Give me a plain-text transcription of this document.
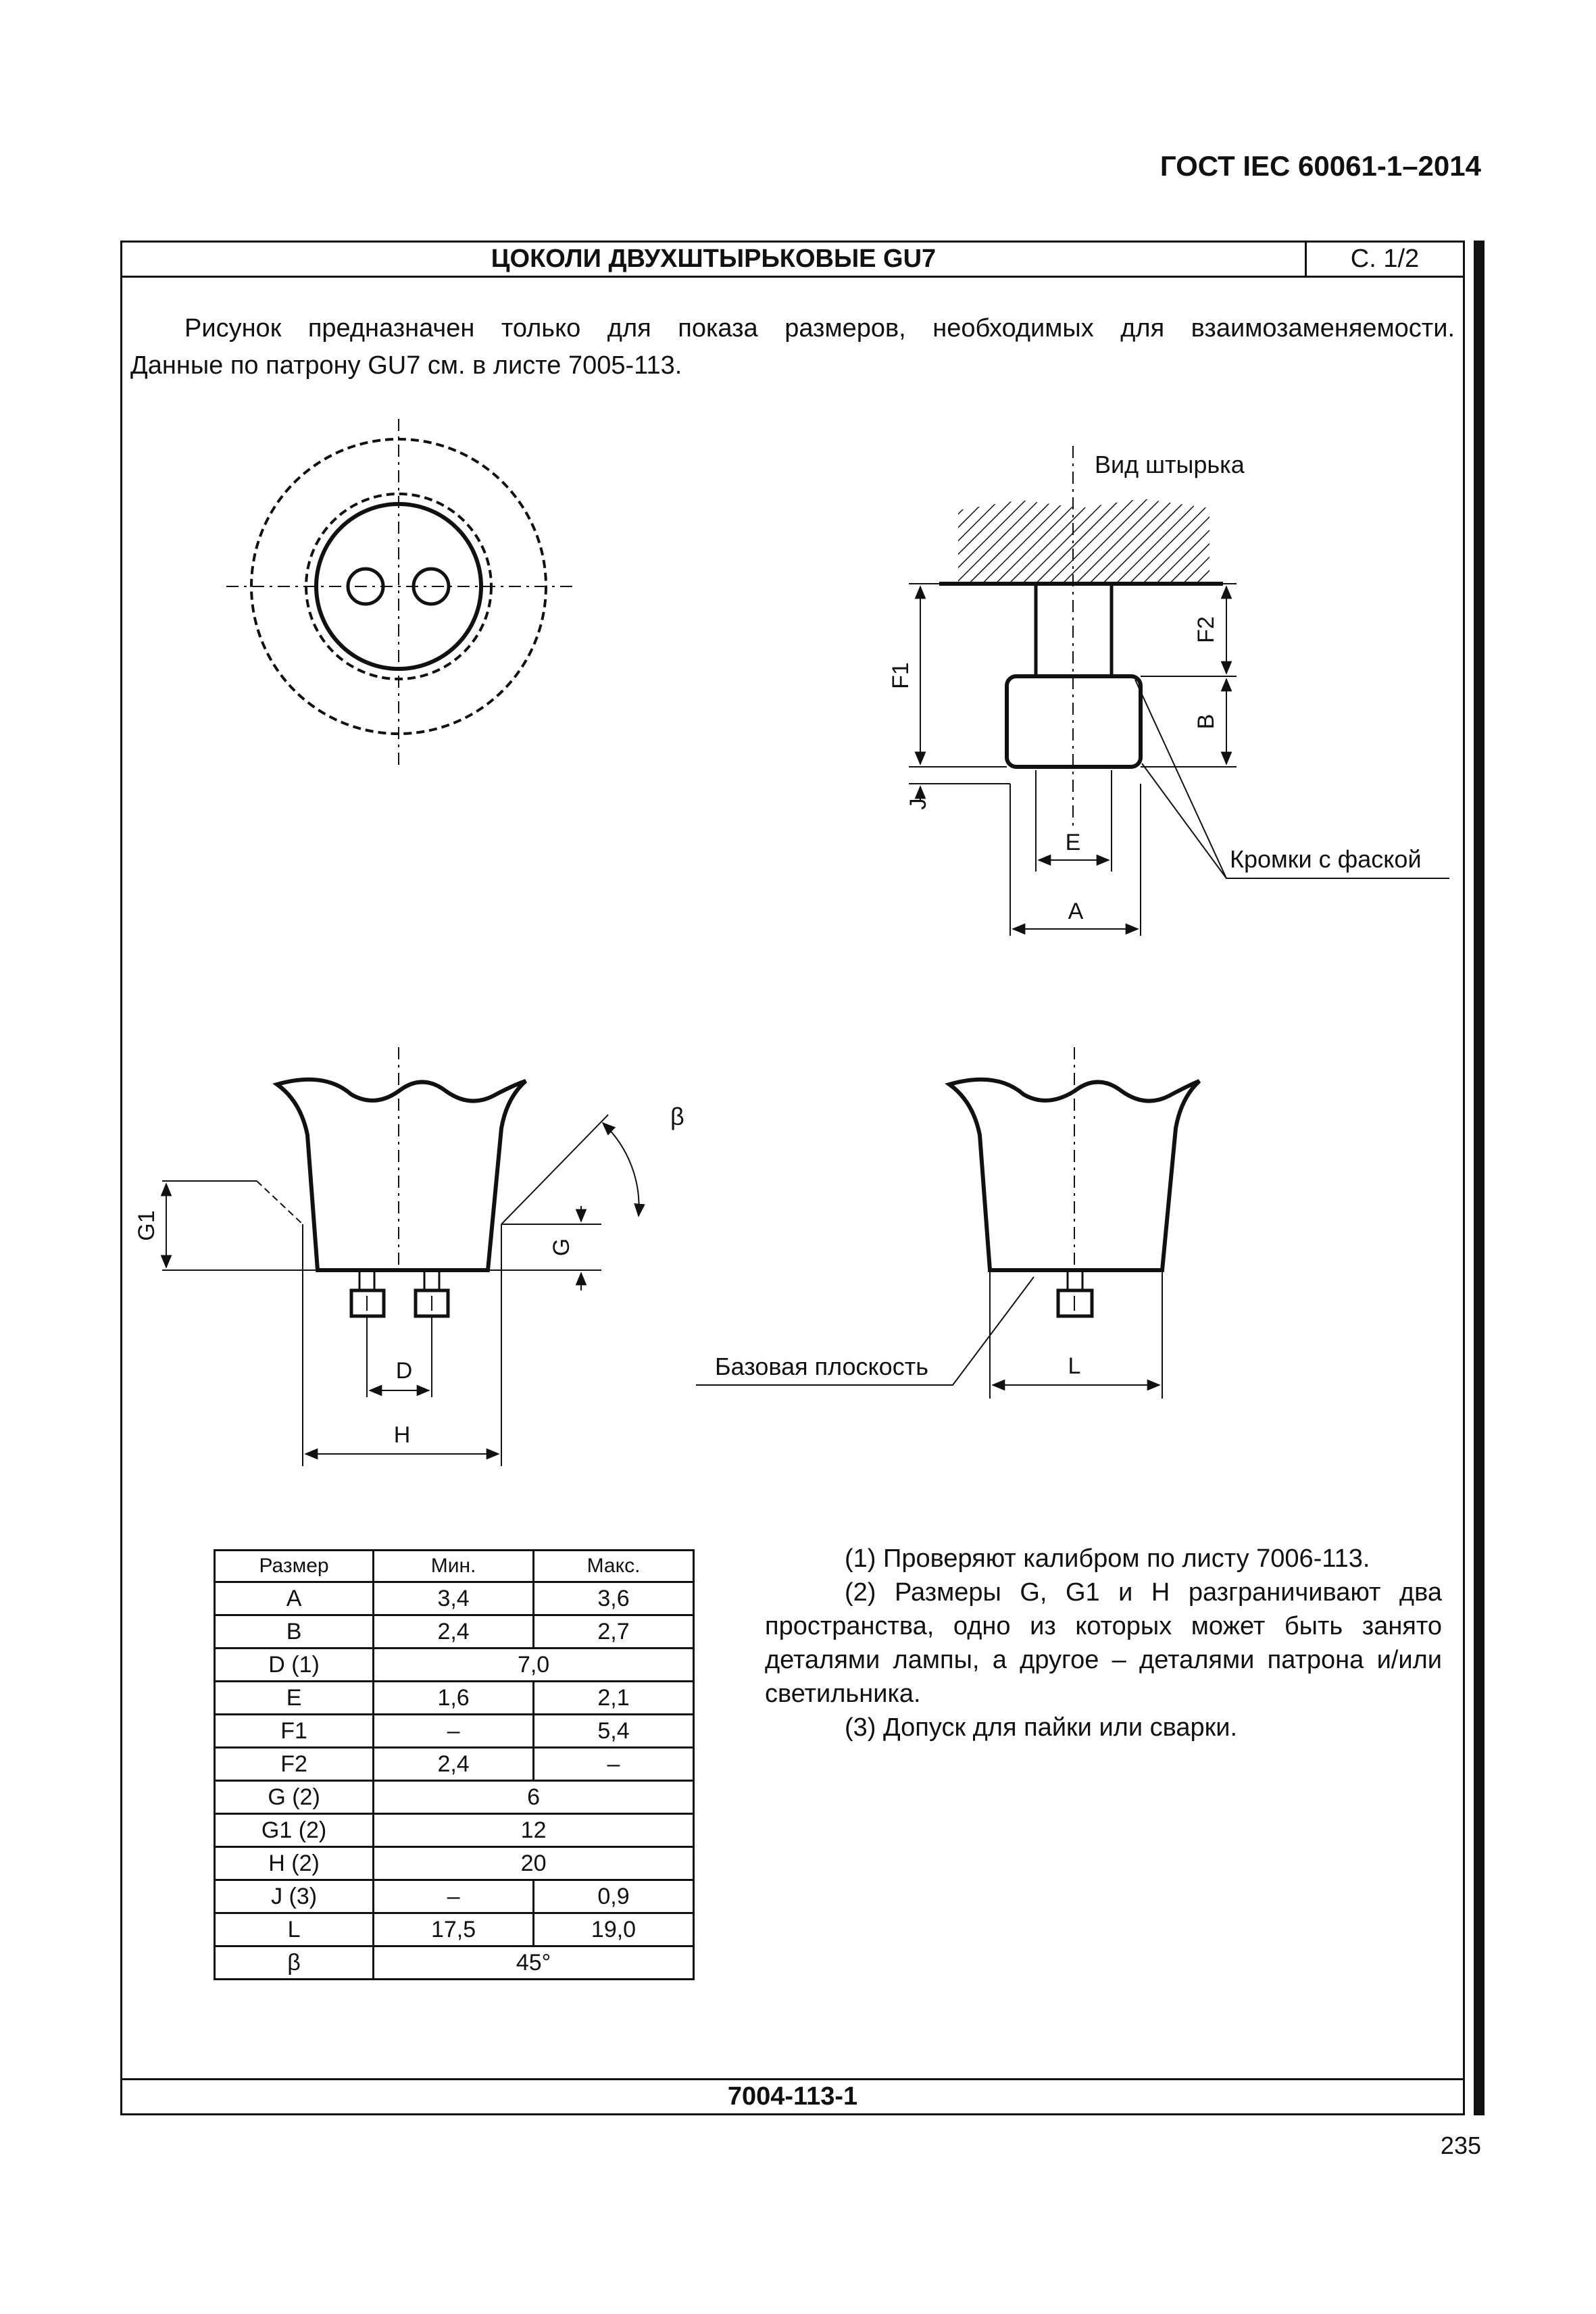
ГОСТ IEC 60061-1–2014
ЦОКОЛИ ДВУХШТЫРЬКОВЫЕ GU7	С. 1/2

Рисунок предназначен только для показа размеров, необходимых для взаимозаменяемости.
Данные по патрону GU7 см. в листе 7005-113.

7004-113-1
Вид штырька
F1
F2
B
J
E
A
Кромки с фаской
G1
G
D
H
β
L
Базовая плоскость
Размер	Мин.	Макс.
A	3,4	3,6
B	2,4	2,7
D (1)	7,0	
E	1,6	2,1
F1	–	5,4
F2	2,4	–
G (2)	6	
G1 (2)	12	
H (2)	20	
J (3)	–	0,9
L	17,5	19,0
β	45°	

(1) Проверяют калибром по листу 7006-113.

(2) Размеры G, G1 и H разграничивают два пространства, одно из которых может быть занято деталями лампы, а другое – деталями патрона и/или светильника.

(3) Допуск для пайки или сварки.

235
